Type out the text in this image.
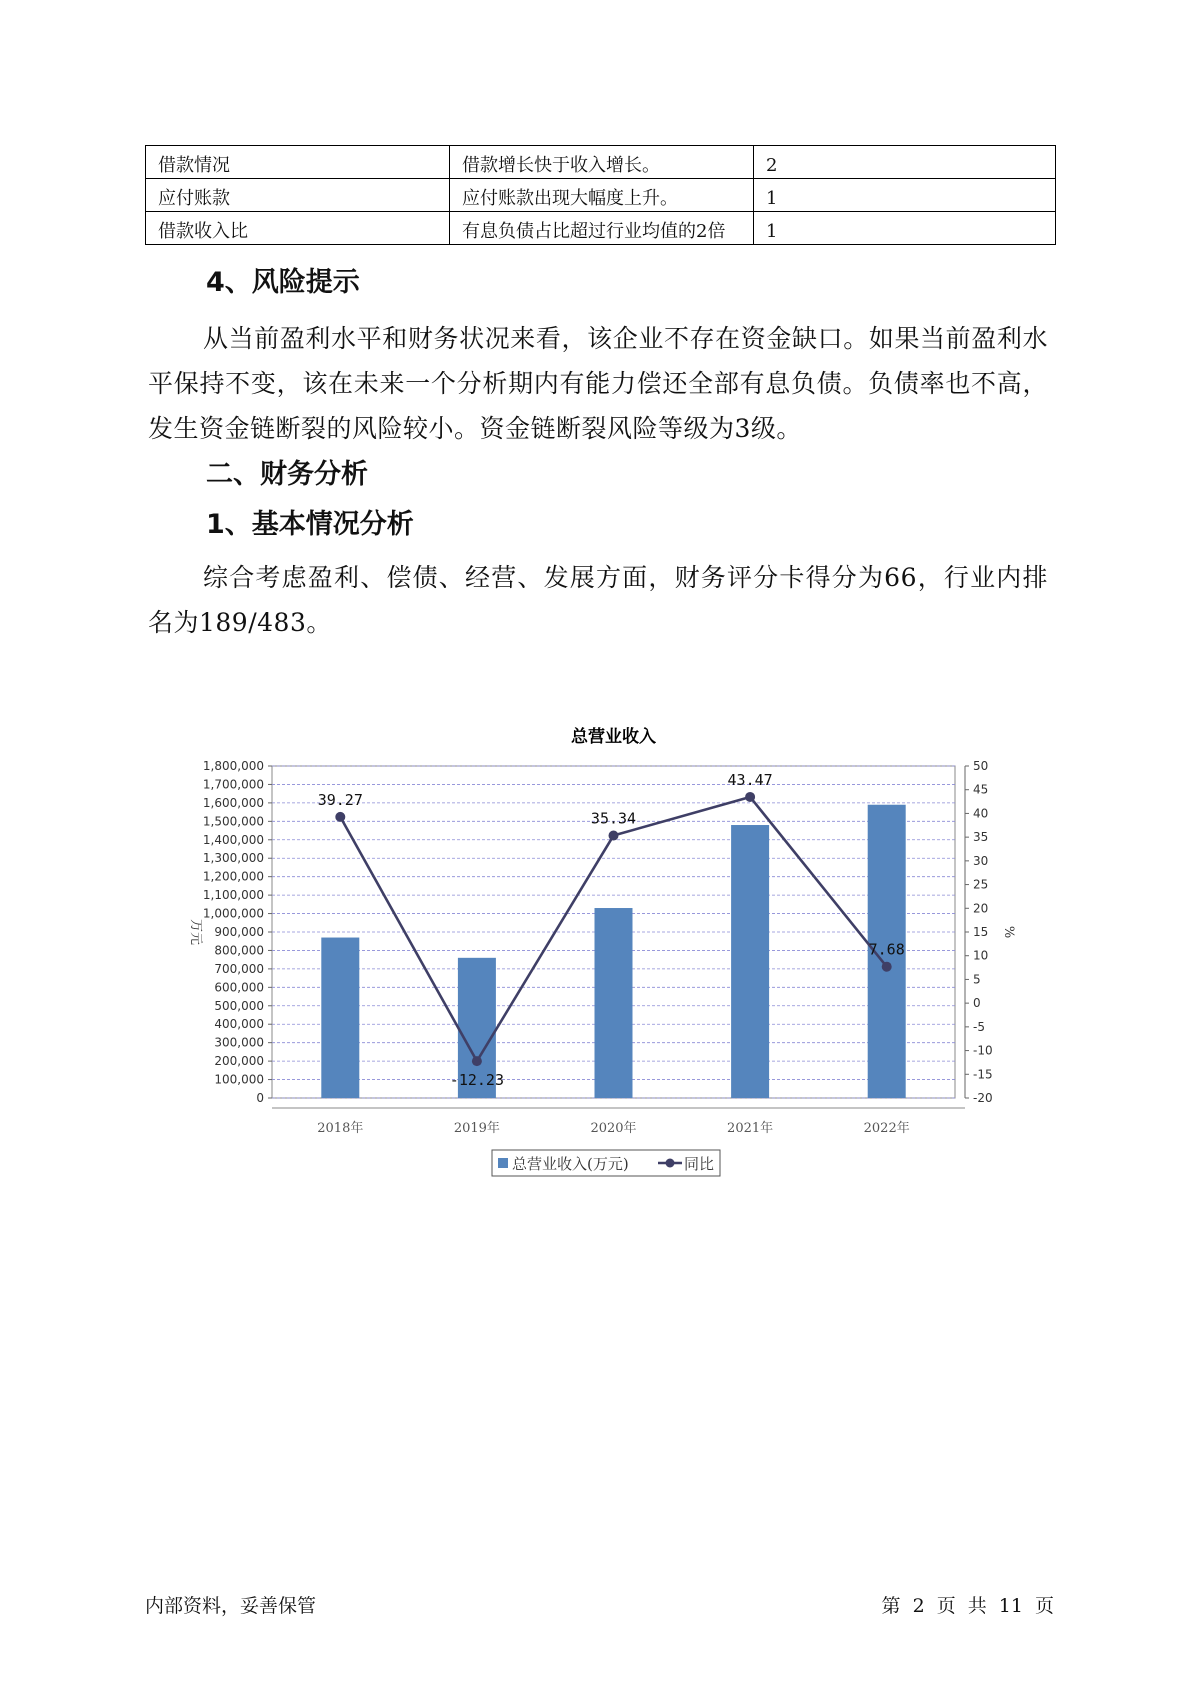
借款情况	借款增长快于收入增长。	2
应付账款	应付账款出现大幅度上升。	1
借款收入比	有息负债占比超过行业均值的2倍	1
4、风险提示

从当前盈利水平和财务状况来看，该企业不存在资金缺口。如果当前盈利水平保持不变，该在未来一个分析期内有能力偿还全部有息负债。负债率也不高，发生资金链断裂的风险较小。资金链断裂风险等级为3级。

二、财务分析
1、基本情况分析

综合考虑盈利、偿债、经营、发展方面，财务评分卡得分为66，行业内排名为189/483。

总营业收入
1,800,000
1,700,000
1,600,000
1,500,000
1,400,000
1,300,000
1,200,000
1,100,000
1,000,000
900,000
800,000
700,000
600,000
500,000
400,000
300,000
200,000
100,000
0
50
45
40
35
30
25
20
15
10
5
0
-5
-10
-15
-20
万元	%
2018年	2019年	2020年	2021年	2022年
39.27
-12.23
35.34
43.47
7.68
总营业收入(万元)	同比
内部资料，妥善保管	第 2 页 共 11 页
